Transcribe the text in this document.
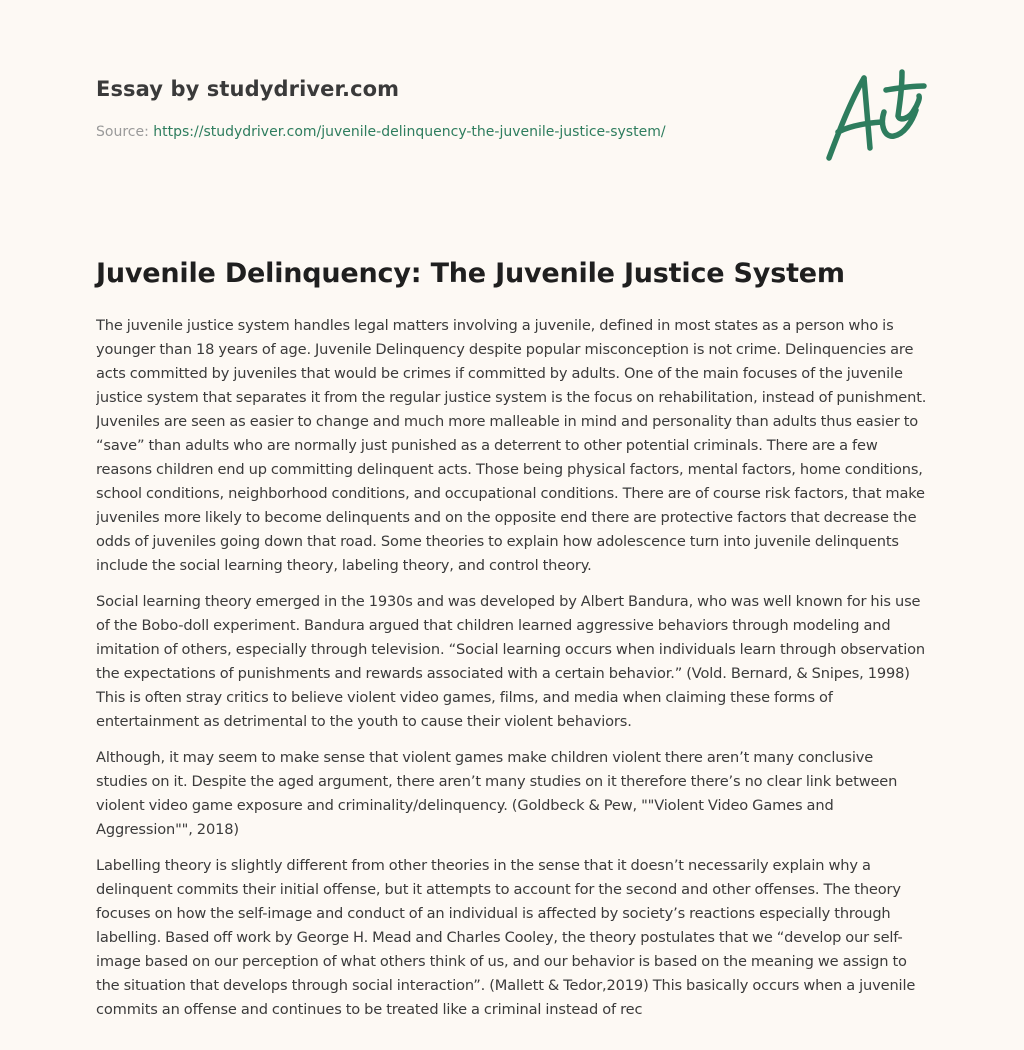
Essay by studydriver.com
Source: https://studydriver.com/juvenile-delinquency-the-juvenile-justice-system/
Juvenile Delinquency: The Juvenile Justice System

The juvenile justice system handles legal matters involving a juvenile, defined in most states as a person who is younger than 18 years of age. Juvenile Delinquency despite popular misconception is not crime. Delinquencies are acts committed by juveniles that would be crimes if committed by adults. One of the main focuses of the juvenile justice system that separates it from the regular justice system is the focus on rehabilitation, instead of punishment. Juveniles are seen as easier to change and much more malleable in mind and personality than adults thus easier to “save” than adults who are normally just punished as a deterrent to other potential criminals. There are a few reasons children end up committing delinquent acts. Those being physical factors, mental factors, home conditions, school conditions, neighborhood conditions, and occupational conditions. There are of course risk factors, that make juveniles more likely to become delinquents and on the opposite end there are protective factors that decrease the odds of juveniles going down that road. Some theories to explain how adolescence turn into juvenile delinquents include the social learning theory, labeling theory, and control theory.

Social learning theory emerged in the 1930s and was developed by Albert Bandura, who was well known for his use of the Bobo-doll experiment. Bandura argued that children learned aggressive behaviors through modeling and imitation of others, especially through television. “Social learning occurs when individuals learn through observation the expectations of punishments and rewards associated with a certain behavior.” (Vold. Bernard, & Snipes, 1998) This is often stray critics to believe violent video games, films, and media when claiming these forms of entertainment as detrimental to the youth to cause their violent behaviors.

Although, it may seem to make sense that violent games make children violent there aren’t many conclusive studies on it. Despite the aged argument, there aren’t many studies on it therefore there’s no clear link between violent video game exposure and criminality/delinquency. (Goldbeck & Pew, ""Violent Video Games and Aggression"", 2018)

Labelling theory is slightly different from other theories in the sense that it doesn’t necessarily explain why a delinquent commits their initial offense, but it attempts to account for the second and other offenses. The theory focuses on how the self-image and conduct of an individual is affected by society’s reactions especially through labelling. Based off work by George H. Mead and Charles Cooley, the theory postulates that we “develop our self-image based on our perception of what others think of us, and our behavior is based on the meaning we assign to the situation that develops through social interaction”. (Mallett & Tedor,2019) This basically occurs when a juvenile commits an offense and continues to be treated like a criminal instead of rec
